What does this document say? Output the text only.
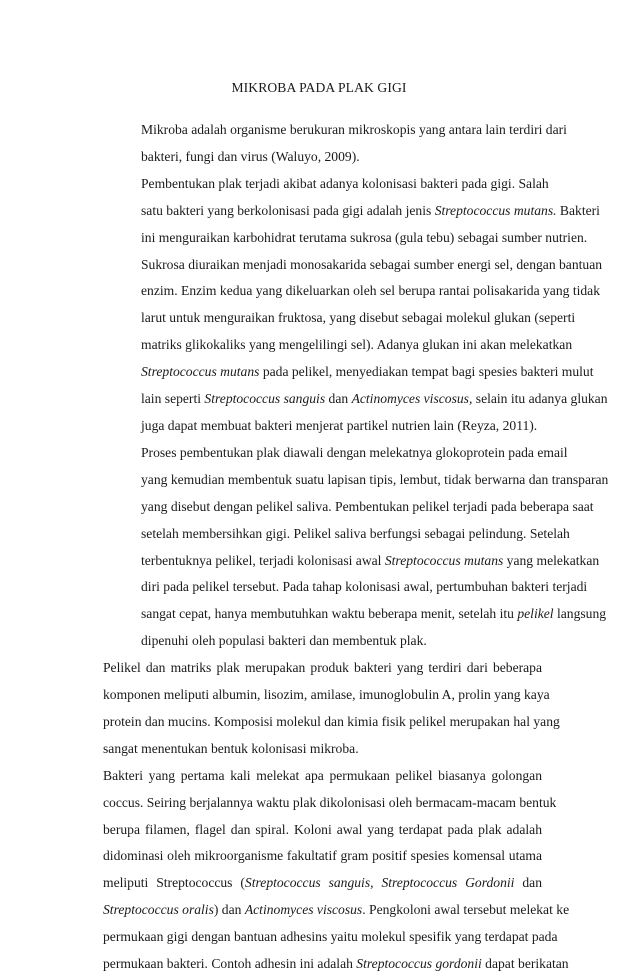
MIKROBA PADA PLAK GIGI

Mikroba adalah organisme berukuran mikroskopis yang antara lain terdiri dari
bakteri, fungi dan virus (Waluyo, 2009).

Pembentukan plak terjadi akibat adanya kolonisasi bakteri pada gigi. Salah
satu bakteri yang berkolonisasi pada gigi adalah jenis Streptococcus mutans. Bakteri
ini menguraikan karbohidrat terutama sukrosa (gula tebu) sebagai sumber nutrien.
Sukrosa diuraikan menjadi monosakarida sebagai sumber energi sel, dengan bantuan
enzim. Enzim kedua yang dikeluarkan oleh sel berupa rantai polisakarida yang tidak
larut untuk menguraikan fruktosa, yang disebut sebagai molekul glukan (seperti
matriks glikokaliks yang mengelilingi sel). Adanya glukan ini akan melekatkan
Streptococcus mutans pada pelikel, menyediakan tempat bagi spesies bakteri mulut
lain seperti Streptococcus sanguis dan Actinomyces viscosus, selain itu adanya glukan
juga dapat membuat bakteri menjerat partikel nutrien lain (Reyza, 2011).

Proses pembentukan plak diawali dengan melekatnya glokoprotein pada email
yang kemudian membentuk suatu lapisan tipis, lembut, tidak berwarna dan transparan
yang disebut dengan pelikel saliva. Pembentukan pelikel terjadi pada beberapa saat
setelah membersihkan gigi. Pelikel saliva berfungsi sebagai pelindung. Setelah
terbentuknya pelikel, terjadi kolonisasi awal Streptococcus mutans yang melekatkan
diri pada pelikel tersebut. Pada tahap kolonisasi awal, pertumbuhan bakteri terjadi
sangat cepat, hanya membutuhkan waktu beberapa menit, setelah itu pelikel langsung
dipenuhi oleh populasi bakteri dan membentuk plak.

Pelikel dan matriks plak merupakan produk bakteri yang terdiri dari beberapa
komponen meliputi albumin, lisozim, amilase, imunoglobulin A, prolin yang kaya
protein dan mucins. Komposisi molekul dan kimia fisik pelikel merupakan hal yang
sangat menentukan bentuk kolonisasi mikroba.

Bakteri yang pertama kali melekat apa permukaan pelikel biasanya golongan
coccus. Seiring berjalannya waktu plak dikolonisasi oleh bermacam-macam bentuk
berupa filamen, flagel dan spiral. Koloni awal yang terdapat pada plak adalah
didominasi oleh mikroorganisme fakultatif gram positif spesies komensal utama
meliputi Streptococcus (Streptococcus sanguis, Streptococcus Gordonii dan
Streptococcus oralis) dan Actinomyces viscosus. Pengkoloni awal tersebut melekat ke
permukaan gigi dengan bantuan adhesins yaitu molekul spesifik yang terdapat pada
permukaan bakteri. Contoh adhesin ini adalah Streptococcus gordonii dapat berikatan
